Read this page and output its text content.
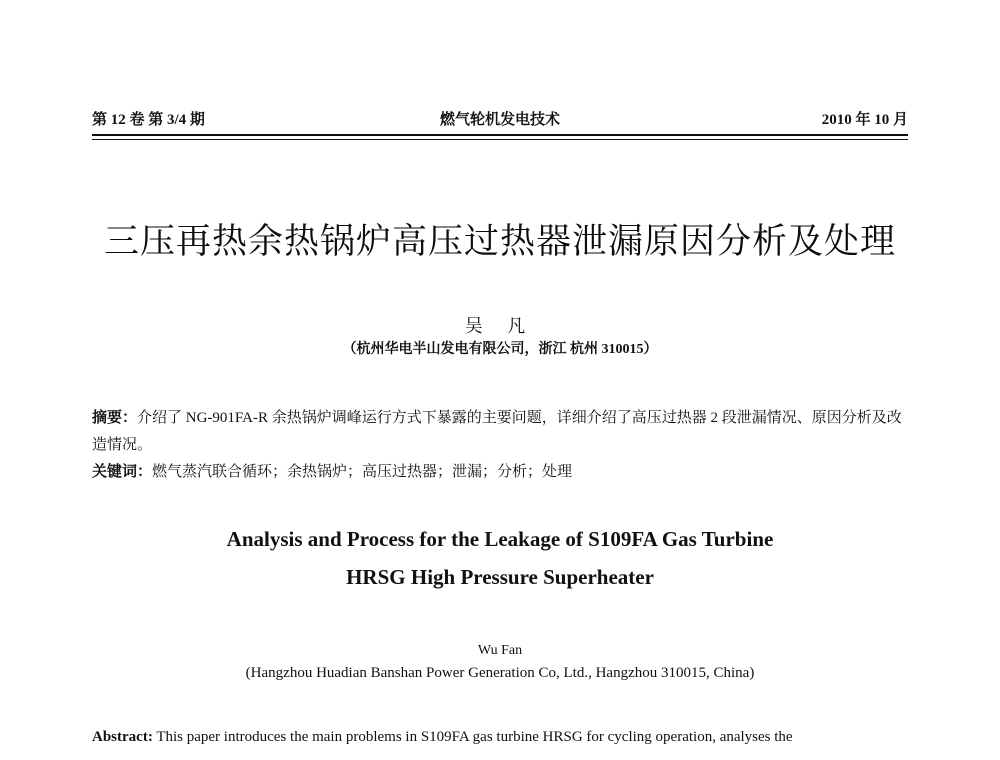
第 12 卷 第 3/4 期	燃气轮机发电技术	2010 年 10 月
三压再热余热锅炉高压过热器泄漏原因分析及处理
吴 凡
（杭州华电半山发电有限公司，浙江 杭州 310015）
摘要：介绍了 NG-901FA-R 余热锅炉调峰运行方式下暴露的主要问题，详细介绍了高压过热器 2 段泄漏情况、原因分析及改造情况。
关键词：燃气蒸汽联合循环；余热锅炉；高压过热器；泄漏；分析；处理
Analysis and Process for the Leakage of S109FA Gas Turbine
HRSG High Pressure Superheater
Wu Fan
(Hangzhou Huadian Banshan Power Generation Co, Ltd., Hangzhou 310015, China)
Abstract: This paper introduces the main problems in S109FA gas turbine HRSG for cycling operation, analyses the
